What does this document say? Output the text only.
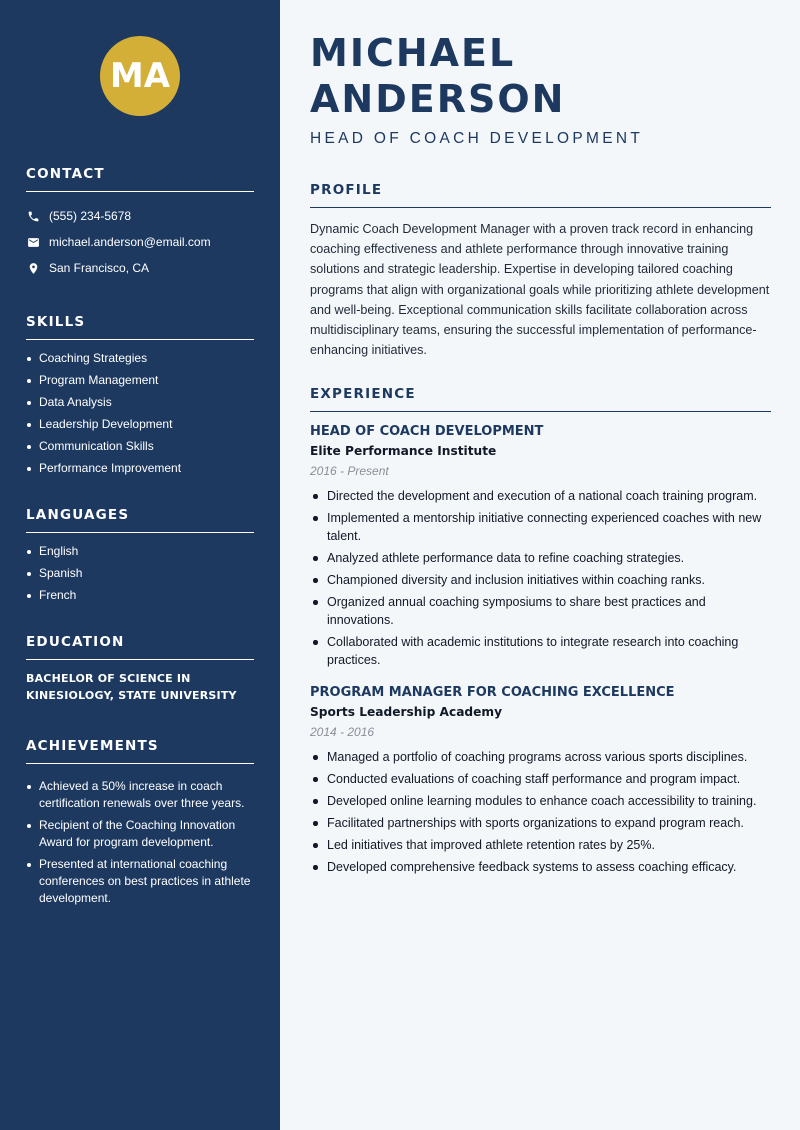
MA
CONTACT
(555) 234-5678
michael.anderson@email.com
San Francisco, CA
SKILLS
Coaching Strategies
Program Management
Data Analysis
Leadership Development
Communication Skills
Performance Improvement
LANGUAGES
English
Spanish
French
EDUCATION

BACHELOR OF SCIENCE IN KINESIOLOGY, STATE UNIVERSITY

ACHIEVEMENTS
Achieved a 50% increase in coach certification renewals over three years.
Recipient of the Coaching Innovation Award for program development.
Presented at international coaching conferences on best practices in athlete development.
MICHAEL ANDERSON
HEAD OF COACH DEVELOPMENT
PROFILE

Dynamic Coach Development Manager with a proven track record in enhancing coaching effectiveness and athlete performance through innovative training solutions and strategic leadership. Expertise in developing tailored coaching programs that align with organizational goals while prioritizing athlete development and well-being. Exceptional communication skills facilitate collaboration across multidisciplinary teams, ensuring the successful implementation of performance-enhancing initiatives.

EXPERIENCE
HEAD OF COACH DEVELOPMENT
Elite Performance Institute
2016 - Present
Directed the development and execution of a national coach training program.
Implemented a mentorship initiative connecting experienced coaches with new talent.
Analyzed athlete performance data to refine coaching strategies.
Championed diversity and inclusion initiatives within coaching ranks.
Organized annual coaching symposiums to share best practices and innovations.
Collaborated with academic institutions to integrate research into coaching practices.
PROGRAM MANAGER FOR COACHING EXCELLENCE
Sports Leadership Academy
2014 - 2016
Managed a portfolio of coaching programs across various sports disciplines.
Conducted evaluations of coaching staff performance and program impact.
Developed online learning modules to enhance coach accessibility to training.
Facilitated partnerships with sports organizations to expand program reach.
Led initiatives that improved athlete retention rates by 25%.
Developed comprehensive feedback systems to assess coaching efficacy.
